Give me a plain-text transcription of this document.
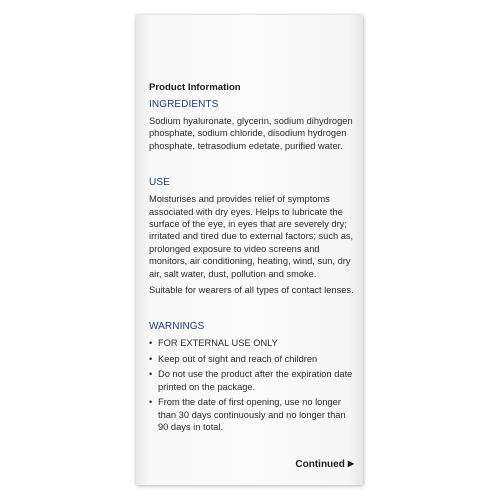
Product Information
INGREDIENTS

Sodium hyaluronate, glycerin, sodium dihydrogen phosphate, sodium chloride, disodium hydrogen phosphate, tetrasodium edetate, purified water.

USE

Moisturises and provides relief of symptoms associated with dry eyes. Helps to lubricate the surface of the eye, in eyes that are severely dry; irritated and tired due to external factors; such as, prolonged exposure to video screens and monitors, air conditioning, heating, wind, sun, dry air, salt water, dust, pollution and smoke.

Suitable for wearers of all types of contact lenses.

WARNINGS
• FOR EXTERNAL USE ONLY
• Keep out of sight and reach of children
• Do not use the product after the expiration date printed on the package.
• From the date of first opening, use no longer than 30 days continuously and no longer than 90 days in total.
Continued ▶
